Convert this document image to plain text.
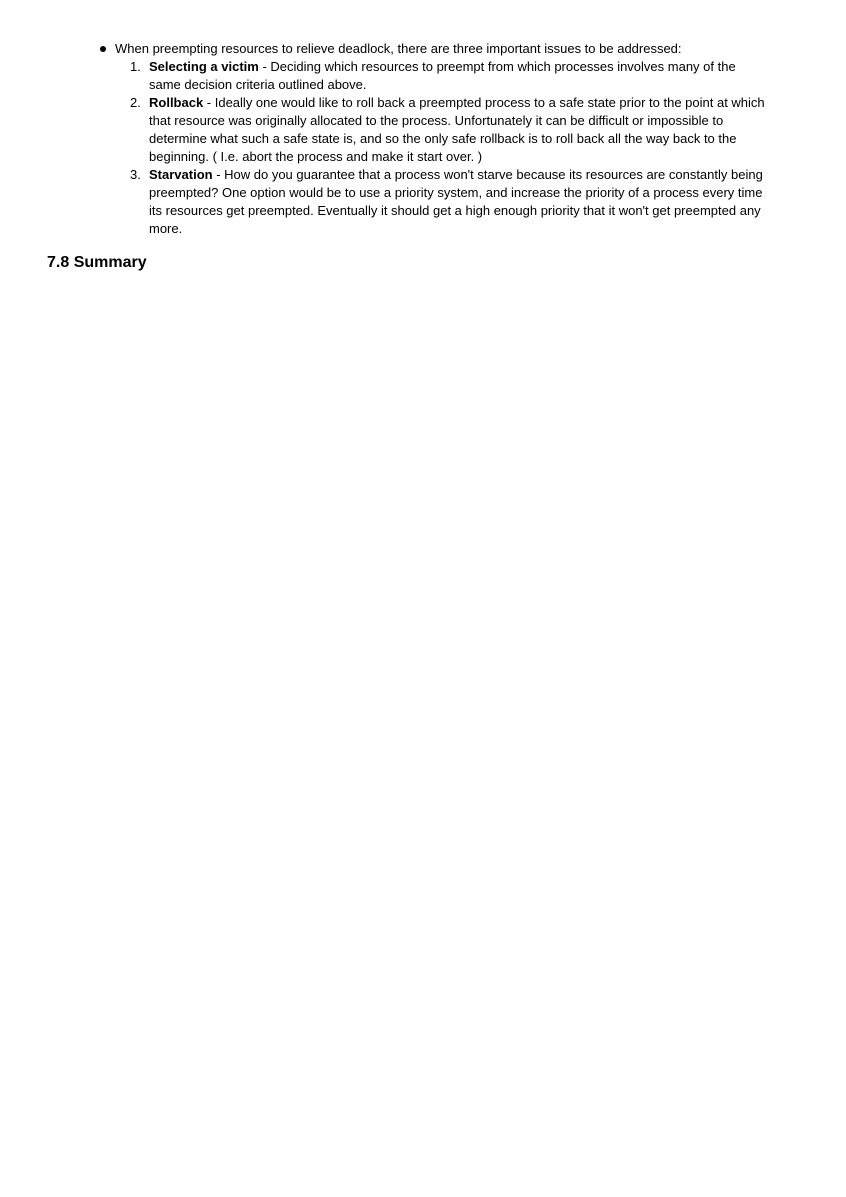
When preempting resources to relieve deadlock, there are three important issues to be addressed:
1. Selecting a victim - Deciding which resources to preempt from which processes involves many of the same decision criteria outlined above.
2. Rollback - Ideally one would like to roll back a preempted process to a safe state prior to the point at which that resource was originally allocated to the process. Unfortunately it can be difficult or impossible to determine what such a safe state is, and so the only safe rollback is to roll back all the way back to the beginning. ( I.e. abort the process and make it start over. )
3. Starvation - How do you guarantee that a process won't starve because its resources are constantly being preempted? One option would be to use a priority system, and increase the priority of a process every time its resources get preempted. Eventually it should get a high enough priority that it won't get preempted any more.
7.8 Summary
